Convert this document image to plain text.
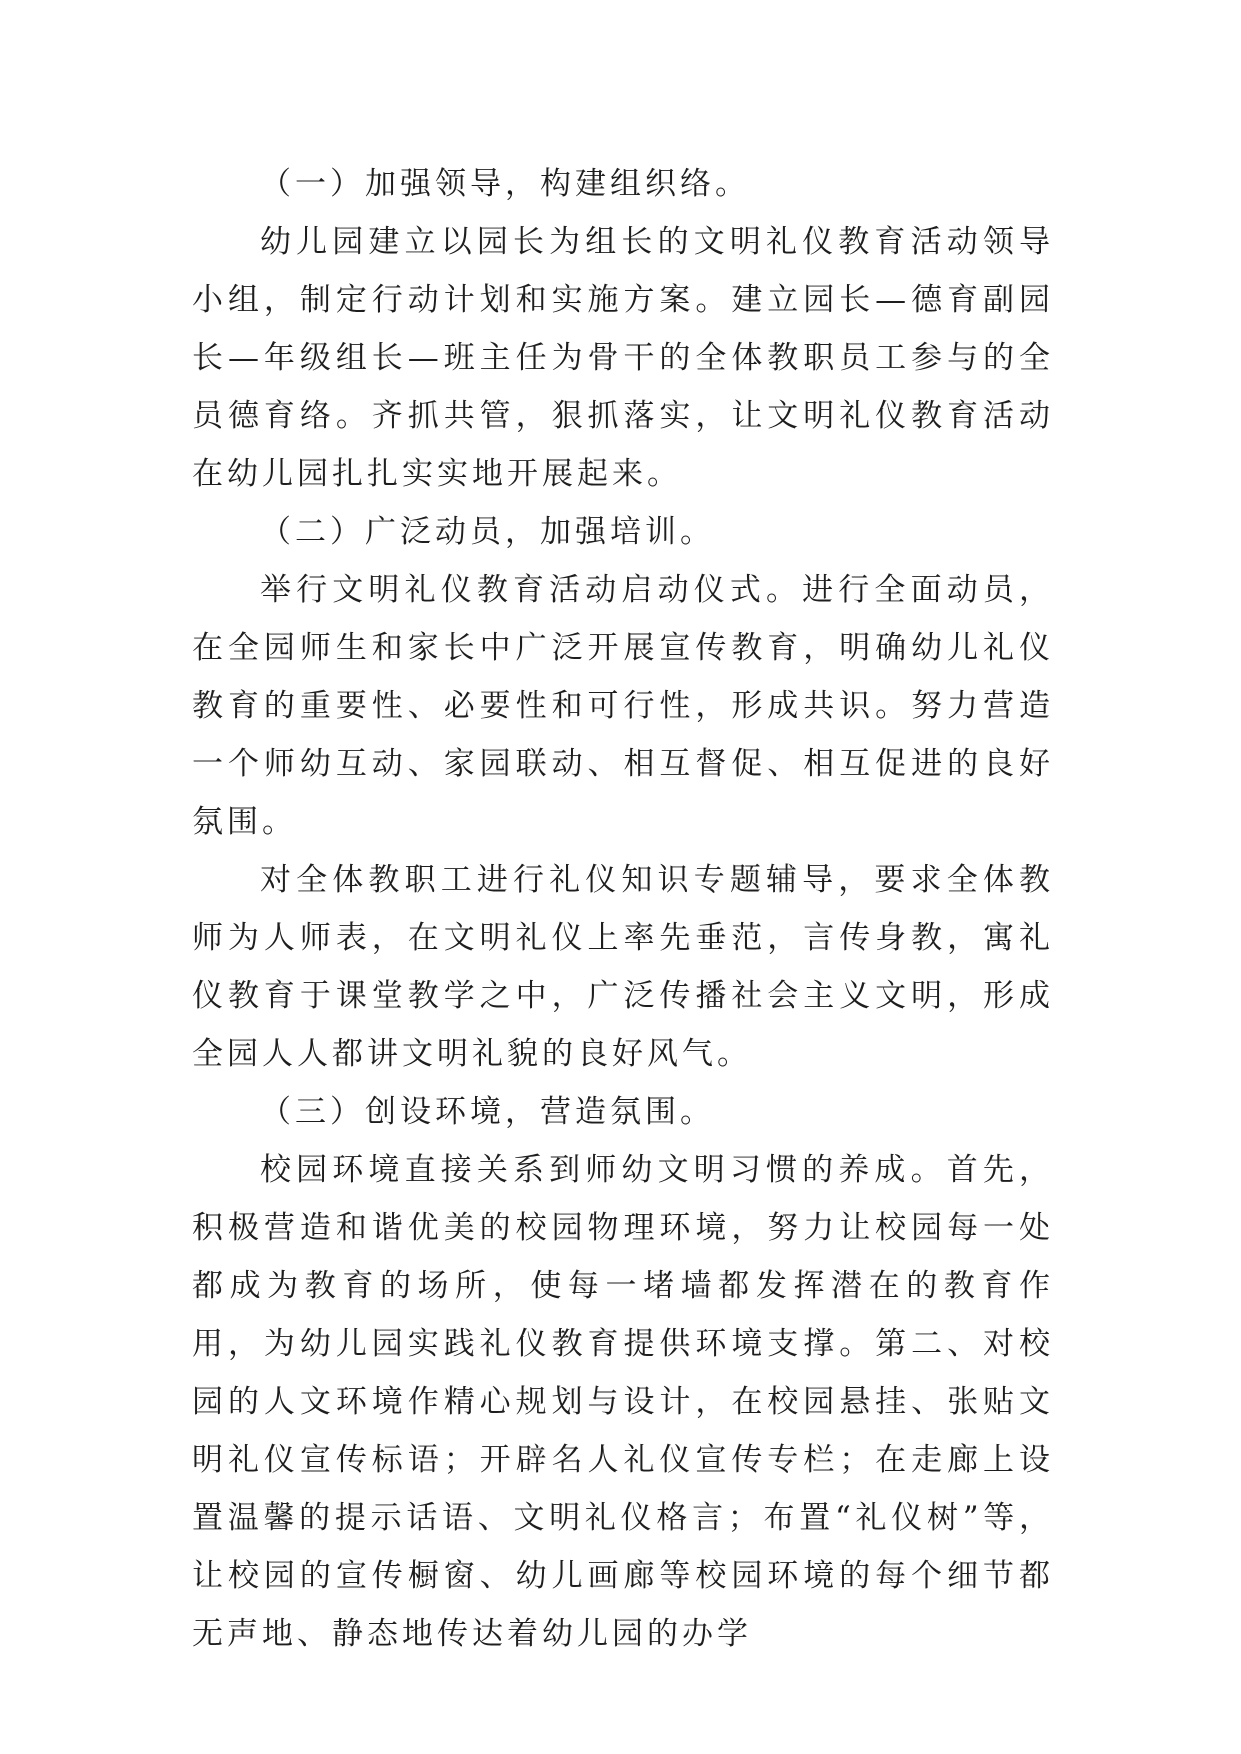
（一）加强领导，构建组织络。

幼儿园建立以园长为组长的文明礼仪教育活动领导小组，制定行动计划和实施方案。建立园长—德育副园长—年级组长—班主任为骨干的全体教职员工参与的全员德育络。齐抓共管，狠抓落实，让文明礼仪教育活动在幼儿园扎扎实实地开展起来。

（二）广泛动员，加强培训。

举行文明礼仪教育活动启动仪式。进行全面动员，在全园师生和家长中广泛开展宣传教育，明确幼儿礼仪教育的重要性、必要性和可行性，形成共识。努力营造一个师幼互动、家园联动、相互督促、相互促进的良好氛围。

对全体教职工进行礼仪知识专题辅导，要求全体教师为人师表，在文明礼仪上率先垂范，言传身教，寓礼仪教育于课堂教学之中，广泛传播社会主义文明，形成全园人人都讲文明礼貌的良好风气。

（三）创设环境，营造氛围。

校园环境直接关系到师幼文明习惯的养成。首先，积极营造和谐优美的校园物理环境，努力让校园每一处都成为教育的场所，使每一堵墙都发挥潜在的教育作用，为幼儿园实践礼仪教育提供环境支撑。第二、对校园的人文环境作精心规划与设计，在校园悬挂、张贴文明礼仪宣传标语；开辟名人礼仪宣传专栏；在走廊上设置温馨的提示话语、文明礼仪格言；布置“礼仪树”等，让校园的宣传橱窗、幼儿画廊等校园环境的每个细节都无声地、静态地传达着幼儿园的办学
